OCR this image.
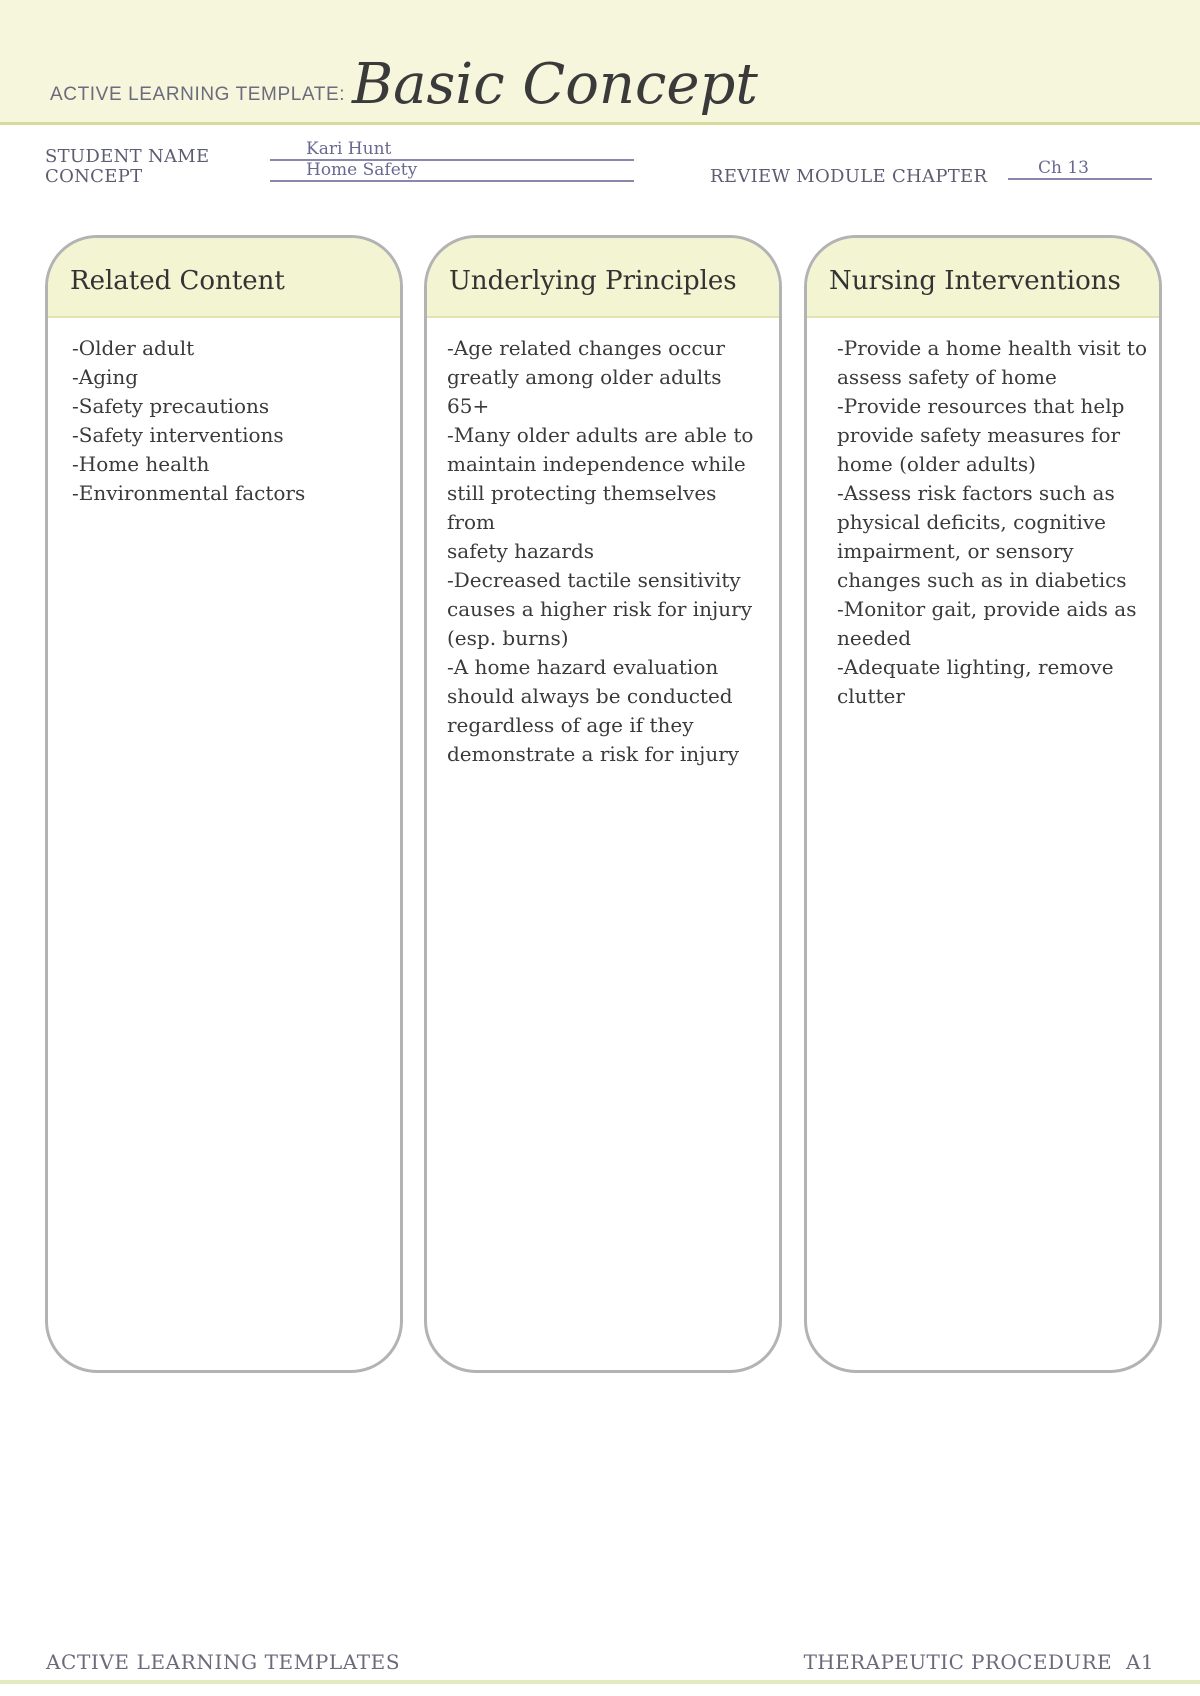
ACTIVE LEARNING TEMPLATE: Basic Concept
STUDENT NAME	Kari Hunt
CONCEPT	Home Safety	REVIEW MODULE CHAPTER	Ch 13
Related Content
-Older adult
-Aging
-Safety precautions
-Safety interventions
-Home health
-Environmental factors
Underlying Principles
-Age related changes occur
greatly among older adults 65+
-Many older adults are able to
maintain independence while
still protecting themselves from
safety hazards
-Decreased tactile sensitivity
causes a higher risk for injury
(esp. burns)
-A home hazard evaluation
should always be conducted
regardless of age if they
demonstrate a risk for injury
Nursing Interventions
-Provide a home health visit to
assess safety of home
-Provide resources that help
provide safety measures for
home (older adults)
-Assess risk factors such as
physical deficits, cognitive
impairment, or sensory
changes such as in diabetics
-Monitor gait, provide aids as
needed
-Adequate lighting, remove
clutter
ACTIVE LEARNING TEMPLATES	THERAPEUTIC PROCEDURE A1
